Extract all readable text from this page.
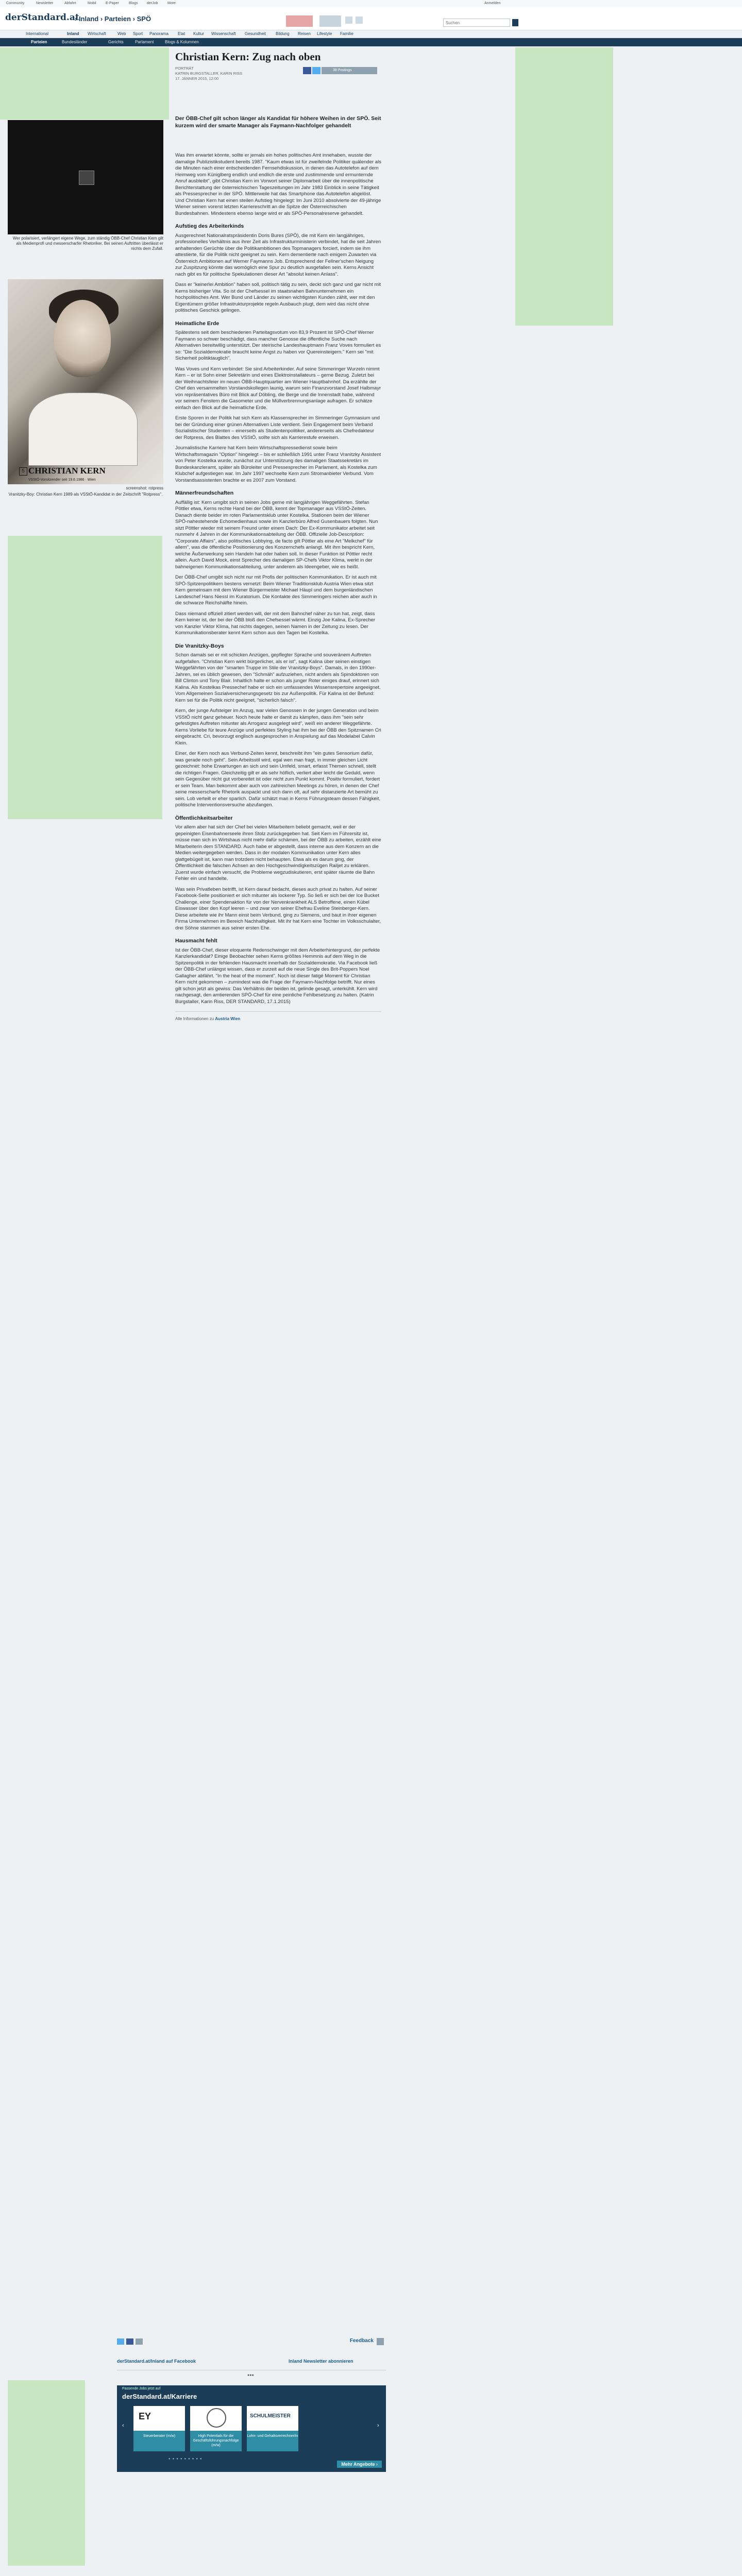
Community	Newsletter	Abfahrt	Mobil	E-Paper	Blogs derJob	More	Anmelden
derStandard.at
› Inland › Parteien › SPÖ
Suchen
International	Inland Wirtschaft	Web Sport Panorama Etat Kultur Wissenschaft Gesundheit Bildung Reisen Lifestyle Familie
Parteien	Bundesländer	Gerichts	Parlament	Blogs & Kolumnen
Wer polarisiert, verlängert eigene Wege, zum ständig ÖBB-Chef Christian Kern gilt als Medienprofi und messerscharfer Rhetoriker. Bei seinen Auftritten überlässt er nichts dem Zufall.
5 CHRISTIAN KERN
VSStÖ-Vorsitzender seit 19.6.1986 · Wien
screenshot: rotpress
Vranitzky-Boy: Christian Kern 1989 als VSStÖ-Kandidat in der Zeitschrift "Rotpress".
Christian Kern: Zug nach oben
PORTRÄT
KATRIN BURGSTALLER, KARIN RISS
17. JÄNNER 2015, 12:00
38 Postings
Der ÖBB-Chef gilt schon länger als Kandidat für höhere Weihen in der SPÖ. Seit kurzem wird der smarte Manager als Faymann-Nachfolger gehandelt

Was ihm erwartet könnte, sollte er jemals ein hohes politisches Amt innehaben, wusste der damalige Publizistikstudent bereits 1987. "Kaum etwas ist für zweifelnde Politiker quälender als die Minuten nach einer entscheidenden Fernsehdiskussion, in denen das Autotelefon auf dem Heimweg vom Küniglberg endlich und endlich die erste und zustimmende und ermunternde Anruf ausbleibt", gibt Christian Kern im Vorwort seiner Diplomarbeit über die innenpolitische Berichterstattung der österreichischen Tageszeitungen im Jahr 1983 Einblick in seine Tätigkeit als Pressesprecher in der SPÖ. Mittlerweile hat das Smartphone das Autotelefon abgelöst. Und Christian Kern hat einen steilen Aufstieg hingelegt: Im Juni 2010 absolvierte der 49-jährige Wiener seinen vorerst letzten Karriereschritt an die Spitze der Österreichischen Bundesbahnen. Mindestens ebenso lange wird er als SPÖ-Personalreserve gehandelt.

Aufstieg des Arbeiterkinds

Ausgerechnet Nationalratspräsidentin Doris Bures (SPÖ), die mit Kern ein langjähriges, professionelles Verhältnis aus ihrer Zeit als Infrastrukturministerin verbindet, hat die seit Jahren anhaltenden Gerüchte über die Politikambitionen des Topmanagers forciert, indem sie ihm attestierte, für die Politik nicht geeignet zu sein. Kern dementierte nach einigem Zuwarten via Österreich Ambitionen auf Werner Faymanns Job. Entsprechend der Fellner'schen Neigung zur Zuspitzung könnte das womöglich eine Spur zu deutlich ausgefallen sein. Kerns Ansicht nach gibt es für politische Spekulationen dieser Art "absolut keinen Anlass".

Dass er "keinerlei Ambition" haben soll, politisch tätig zu sein, deckt sich ganz und gar nicht mit Kerns bisheriger Vita. So ist der Chefsessel im staatsnahen Bahnunternehmen ein hochpolitisches Amt. Wer Bund und Länder zu seinen wichtigsten Kunden zählt, wer mit den Eigentümern größer Infrastrukturprojekte regeln Ausbauch plugt, dem wird das nicht ohne politisches Geschick gelingen.

Heimatliche Erde

Spätestens seit dem beschiedenen Parteitagsvotum von 83,9 Prozent ist SPÖ-Chef Werner Faymann so schwer beschädigt, dass mancher Genosse die öffentliche Suche nach Alternativen bereitwillig unterstützt. Der steirische Landeshauptmann Franz Voves formuliert es so: "Die Sozialdemokratie braucht keine Angst zu haben vor Quereinsteigern." Kern sei "mit Sicherheit politiktauglich".

Was Voves und Kern verbindet: Sie sind Arbeiterkinder. Auf seine Simmeringer Wurzeln nimmt Kern – er ist Sohn einer Sekretärin und eines Elektroinstallateurs – gerne Bezug. Zuletzt bei der Weihnachtsfeier im neuen ÖBB-Hauptquartier am Wiener Hauptbahnhof. Da erzählte der Chef den versammelten Vorstandskollegen launig, warum sein Finanzvorstand Josef Halbmayr von repräsentatives Büro mit Blick auf Döbling, die Berge und die Innenstadt habe, während vor seinem Fenstern die Gasometer und die Müllverbrennungsanlage aufragen. Er schätze einfach den Blick auf die heimatliche Erde.

Erste Sporen in der Politik hat sich Kern als Klassensprecher im Simmeringer Gymnasium und bei der Gründung einer grünen Alternativen Liste verdient. Sein Engagement beim Verband Sozialistischer Studenten – einerseits als Studentenpolitiker, andererseits als Chefredakteur der Rotpress, des Blattes des VSStÖ, sollte sich als Karrierestufe erweisen.

Journalistische Karriere hat Kern beim Wirtschaftspressedienst sowie beim Wirtschaftsmagazin "Option" hingelegt – bis er schließlich 1991 unter Franz Vranitzky Assistent von Peter Kostelka wurde, zunächst zur Unterstützung des damaligen Staatssekretärs im Bundeskanzleramt, später als Büroleiter und Pressesprecher im Parlament, als Kostelka zum Klubchef aufgestiegen war. Im Jahr 1997 wechselte Kern zum Stromanbieter Verbund. Vom Vorstandsassistenten brachte er es 2007 zum Vorstand.

Männerfreundschaften

Auffällig ist: Kern umgibt sich in seinen Jobs gerne mit langjährigen Weggefährten. Stefan Pöttler etwa, Kerns rechte Hand bei der ÖBB, kennt der Topmanager aus VSStÖ-Zeiten. Danach diente beider im roten Parlamentsklub unter Kostelka. Stationen beim der Wiener SPÖ-nahestehende Echomedienhaus sowie im Kanzlerbüro Alfred Gusenbauers folgten. Nun sitzt Pöttler wieder mit seinem Freund unter einem Dach: Der Ex-Kommunikator arbeitet seit nunmehr 4 Jahren in der Kommunikationsabteilung der ÖBB. Offizielle Job-Description: "Corporate Affairs", also politisches Lobbying, de facto gilt Pöttler als eine Art "Melkchef" für allem", was die öffentliche Positionierung des Konzernchefs anlangt. Mit ihm bespricht Kern, welche Äußerwerkung sein Handeln hat oder haben soll. In dieser Funktion ist Pöttler recht allein. Auch David Mock, einst Sprecher des damaligen SP-Chefs Viktor Klima, werkt in der bahneigenen Kommunikationsabteilung, unter anderem als Ideengeber, wie es heißt.

Der ÖBB-Chef umgibt sich nicht nur mit Profis der politischen Kommunikation. Er ist auch mit SPÖ-Spitzenpolitikern bestens vernetzt: Beim Wiener Traditionsklub Austria Wien etwa sitzt Kern gemeinsam mit dem Wiener Bürgermeister Michael Häupl und dem burgenländischen Landeschef Hans Niessl im Kuratorium. Die Kontakte des Simmeringers reichen aber auch in die schwarze Reichshälfte hinein.

Dass niemand offiziell zitiert werden will, der mit dem Bahnchef näher zu tun hat, zeigt, dass Kern keiner ist, der bei der ÖBB bloß den Chefsessel wärmt. Einzig Joe Kalina, Ex-Sprecher von Kanzler Viktor Klima, hat nichts dagegen, seinen Namen in der Zeitung zu lesen. Der Kommunikationsberater kennt Kern schon aus den Tagen bei Kostelka.

Die Vranitzky-Boys

Schon damals sei er mit schicken Anzügen, gepflegter Sprache und souveränem Auftreten aufgefallen. "Christian Kern wirkt bürgerlicher, als er ist", sagt Kalina über seinen einstigen Weggefährten von der "smarten Truppe im Stile der Vranitzky-Boys". Damals, in den 1990er-Jahren, sei es üblich gewesen, den "Schmäh" aufzuziehen, nicht anders als Spindoktoren von Bill Clinton und Tony Blair. Inhaltlich halte er schon als junger Roter einiges drauf, erinnert sich Kalina. Als Kostelkas Pressechef habe er sich ein umfassendes Wissensrepertoire angeeignet. Vom Allgemeinen Sozialversicherungsgesetz bis zur Außenpolitik. Für Kalina ist der Befund: Kern sei für die Politik nicht geeignet, "sicherlich falsch".

Kern, der junge Aufsteiger im Anzug, war vielen Genossen in der jungen Generation und beim VSStÖ nicht ganz geheuer. Noch heute halte er damit zu kämpfen, dass ihm "sein sehr gefestigtes Auftreten mitunter als Arroganz ausgelegt wird", weiß ein anderer Weggefährte. Kerns Vorliebe für teure Anzüge und perfektes Styling hat ihm bei der ÖBB den Spitznamen Cri eingebracht. Cri, bevorzugt englisch ausgesprochen in Anspielung auf das Modelabel Calvin Klein.

Einer, der Kern noch aus Verbund-Zeiten kennt, beschreibt ihm "ein gutes Sensorium dafür, was gerade noch geht". Sein Arbeitsstil wird, egal wen man fragt, in immer gleichen Licht gezeichnet: hohe Erwartungen an sich und sein Umfeld, smart, erfasst Themen schnell, stellt die richtigen Fragen. Gleichzeitig gilt er als sehr höflich, verliert aber leicht die Geduld, wenn sein Gegenüber nicht gut vorbereitet ist oder nicht zum Punkt kommt. Positiv formuliert, fordert er sein Team. Man bekommt aber auch von zahlreichen Meetings zu hören, in denen der Chef seine messerscharfe Rhetorik auspackt und sich dann oft, auf sehr distanzierte Art bemüht zu sein. Lob verteilt er eher sparlich. Dafür schätzt man in Kerns Führungsteam dessen Fähigkeit, politische Interventionsversuche abzufangen.

Öffentlichkeitsarbeiter

Vor allem aber hat sich der Chef bei vielen Mitarbeitern beliebt gemacht, weil er der gepeinigten Eisenbahnerseele ihren Stolz zurückgegeben hat. Seit Kern im Führersitz ist, müsse man sich im Wirtshaus nicht mehr dafür schämen, bei der ÖBB zu arbeiten, erzählt eine Mitarbeiterin dem STANDARD. Auch habe er abgestellt, dass interne aus dem Konzern an die Medien weitergegeben werden. Dass in der modalen Kommunikation unter Kern alles glattgebügelt ist, kann man trotzdem nicht behaupten. Etwa als es darum ging, der Öffentlichkeit die falschen Achsen an den Hochgeschwindigkeitszügen Railjet zu erklären. Zuerst wurde einfach versucht, die Probleme wegzudiskutieren, erst später räumte die Bahn Fehler ein und handelte.

Was sein Privatleben betrifft, ist Kern darauf bedacht, dieses auch privat zu halten. Auf seiner Facebook-Seite positioniert er sich mitunter als lockerer Typ. So ließ er sich bei der Ice Bucket Challenge, einer Spendenaktion für von der Nervenkrankheit ALS Betroffene, einen Kübel Eiswasser über den Kopf leeren – und zwar von seiner Ehefrau Eveline Steinberger-Kern. Diese arbeitete wie ihr Mann einst beim Verbund, ging zu Siemens, und baut in ihrer eigenen Firma Unternehmen im Bereich Nachhaltigkeit. Mit ihr hat Kern eine Tochter im Volksschulalter, drei Söhne stammen aus seiner ersten Ehe.

Hausmacht fehlt

Ist der ÖBB-Chef, dieser eloquente Redenschwinger mit dem Arbeiterhintergrund, der perfekte Kanzlerkandidat? Einige Beobachter sehen Kerns größtes Hemmnis auf dem Weg in die Spitzenpolitik in der fehlenden Hausmacht innerhalb der Sozialdemokratie. Via Facebook ließ der ÖBB-Chef unlängst wissen, dass er zurzeit auf die neue Single des Brit-Poppers Noel Gallagher abfährt. "In the heat of the moment". Noch ist dieser fatigé Moment für Christian Kern nicht gekommen – zumindest was die Frage der Faymann-Nachfolge betrifft. Nur eines gilt schon jetzt als gewiss: Das Verhältnis der beiden ist, gelinde gesagt, unterkühlt. Kern wird nachgesagt, den amtierenden SPÖ-Chef für eine peinliche Fehlbesetzung zu halten. (Katrin Burgstaller, Karin Riss, DER STANDARD, 17.1.2015)

Alle Informationen zu Austria Wien
Feedback
derStandard.at/Inland auf Facebook	Inland Newsletter abonnieren
●●●
Passende Jobs jetzt auf
derStandard.at/Karriere
‹
EY
Steuerberater (m/w)	High Potentials für die Geschäftsführungsnachfolge (m/w)
SCHULMEISTER
Lohn- und Gehaltsverrechner/in
›
●●●●●●●●●
Mehr Angebote ›
